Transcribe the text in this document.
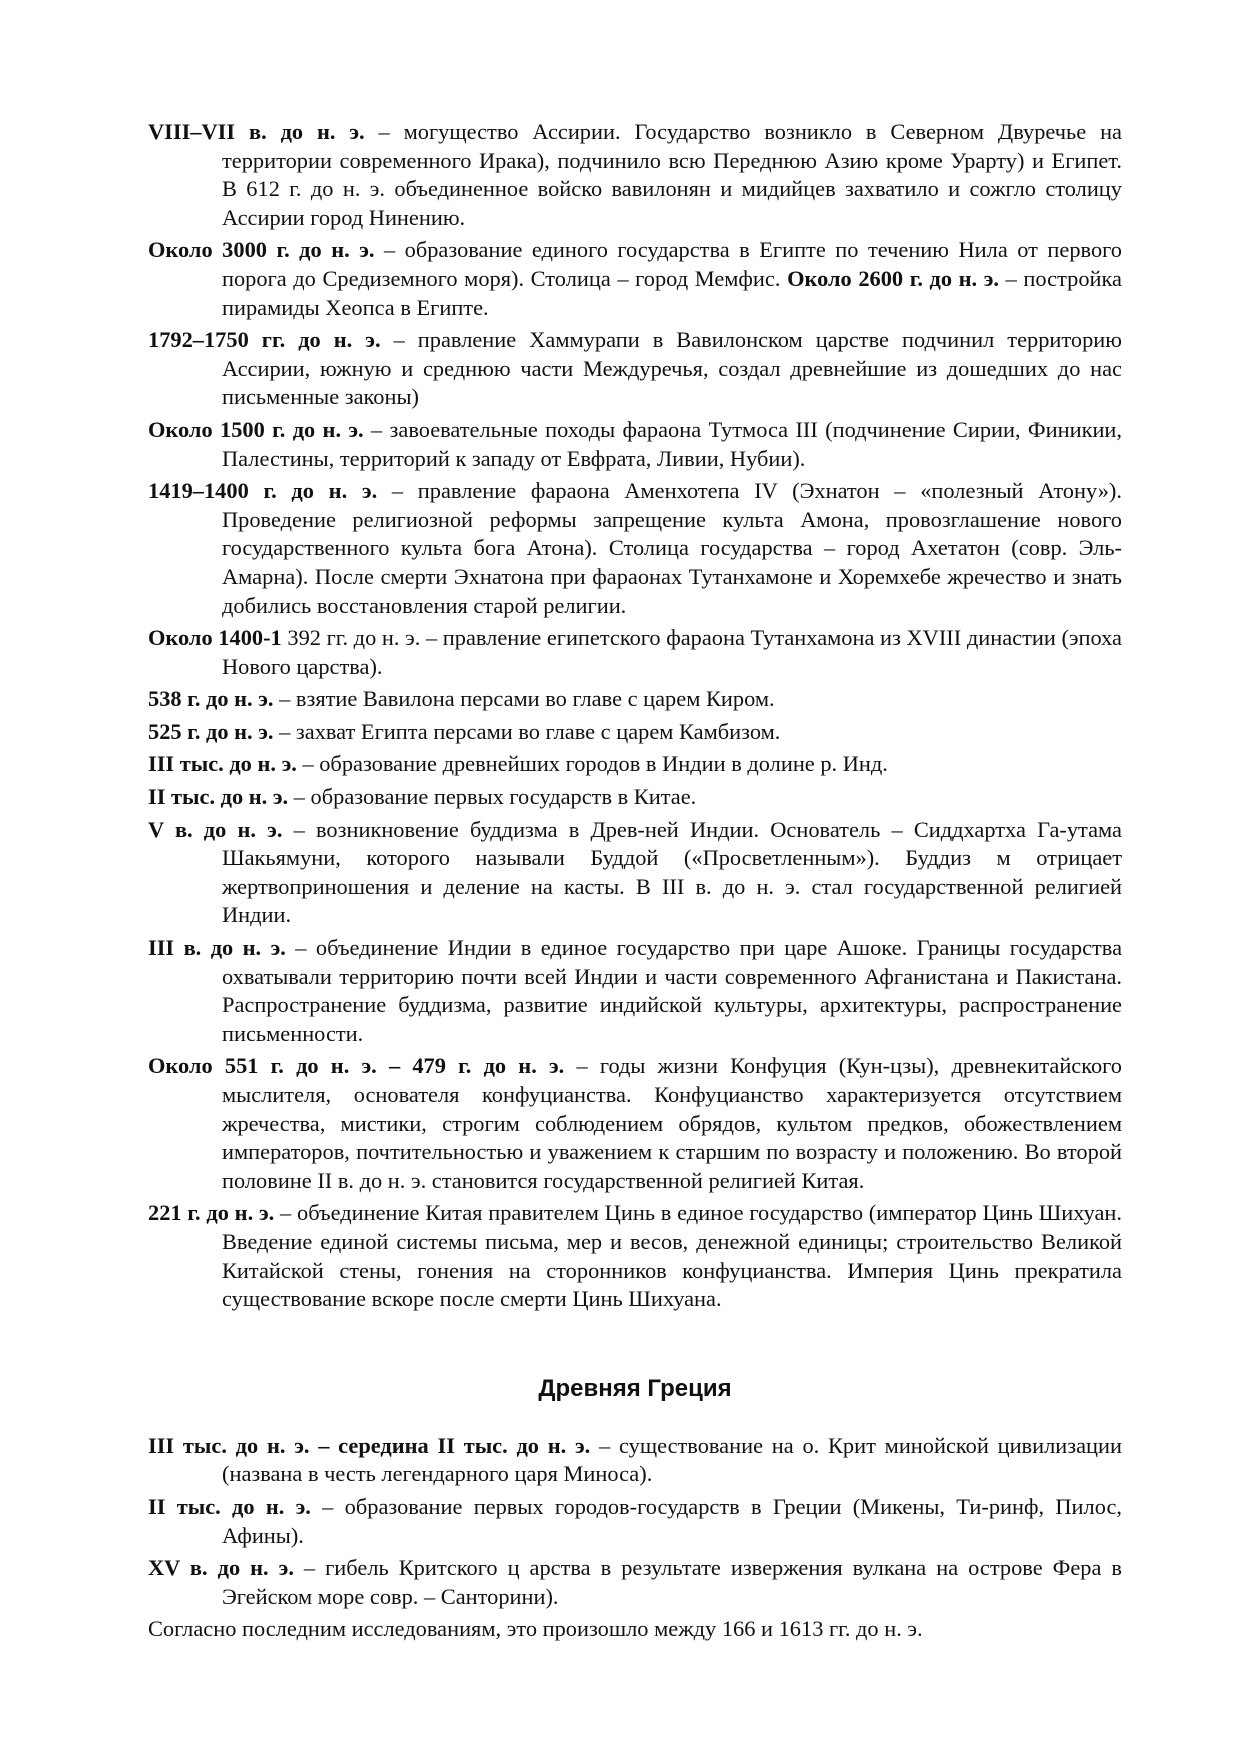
VIII–VII в. до н. э. – могущество Ассирии. Государство возникло в Северном Двуречье на территории современного Ирака), подчинило всю Переднюю Азию кроме Урарту) и Египет. В 612 г. до н. э. объединенное войско вавилонян и мидийцев захватило и сожгло столицу Ассирии город Нинению.

Около 3000 г. до н. э. – образование единого государства в Египте по течению Нила от первого порога до Средиземного моря). Столица – город Мемфис. Около 2600 г. до н. э. – постройка пирамиды Хеопса в Египте.

1792–1750 гг. до н. э. – правление Хаммурапи в Вавилонском царстве подчинил территорию Ассирии, южную и среднюю части Междуречья, создал древнейшие из дошедших до нас письменные законы)

Около 1500 г. до н. э. – завоевательные походы фараона Тутмоса III (подчинение Сирии, Финикии, Палестины, территорий к западу от Евфрата, Ливии, Нубии).

1419–1400 г. до н. э. – правление фараона Аменхотепа IV (Эхнатон – «полезный Атону»). Проведение религиозной реформы запрещение культа Амона, провозглашение нового государственного культа бога Атона). Столица государства – город Ахетатон (совр. Эль-Амарна). После смерти Эхнатона при фараонах Тутанхамоне и Хоремхебе жречество и знать добились восстановления старой религии.

Около 1400-1 392 гг. до н. э. – правление египетского фараона Тутанхамона из XVIII династии (эпоха Нового царства).

538 г. до н. э. – взятие Вавилона персами во главе с царем Киром.

525 г. до н. э. – захват Египта персами во главе с царем Камбизом.

III тыс. до н. э. – образование древнейших городов в Индии в долине р. Инд.

II тыс. до н. э. – образование первых государств в Китае.

V в. до н. э. – возникновение буддизма в Древ-ней Индии. Основатель – Сиддхартха Га-утама Шакьямуни, которого называли Буддой («Просветленным»). Буддиз м отрицает жертвоприношения и деление на касты. В III в. до н. э. стал государственной религией Индии.

III в. до н. э. – объединение Индии в единое государство при царе Ашоке. Границы государства охватывали территорию почти всей Индии и части современного Афганистана и Пакистана. Распространение буддизма, развитие индийской культуры, архитектуры, распространение письменности.

Около 551 г. до н. э. – 479 г. до н. э. – годы жизни Конфуция (Кун-цзы), древнекитайского мыслителя, основателя конфуцианства. Конфуцианство характеризуется отсутствием жречества, мистики, строгим соблюдением обрядов, культом предков, обожествлением императоров, почтительностью и уважением к старшим по возрасту и положению. Во второй половине II в. до н. э. становится государственной религией Китая.

221 г. до н. э. – объединение Китая правителем Цинь в единое государство (император Цинь Шихуан. Введение единой системы письма, мер и весов, денежной единицы; строительство Великой Китайской стены, гонения на сторонников конфуцианства. Империя Цинь прекратила существование вскоре после смерти Цинь Шихуана.

Древняя Греция

III тыс. до н. э. – середина II тыс. до н. э. – существование на о. Крит минойской цивилизации (названа в честь легендарного царя Миноса).

II тыс. до н. э. – образование первых городов-государств в Греции (Микены, Ти-ринф, Пилос, Афины).

XV в. до н. э. – гибель Критского ц арства в результате извержения вулкана на острове Фера в Эгейском море совр. – Санторини).

Согласно последним исследованиям, это произошло между 166 и 1613 гг. до н. э.
